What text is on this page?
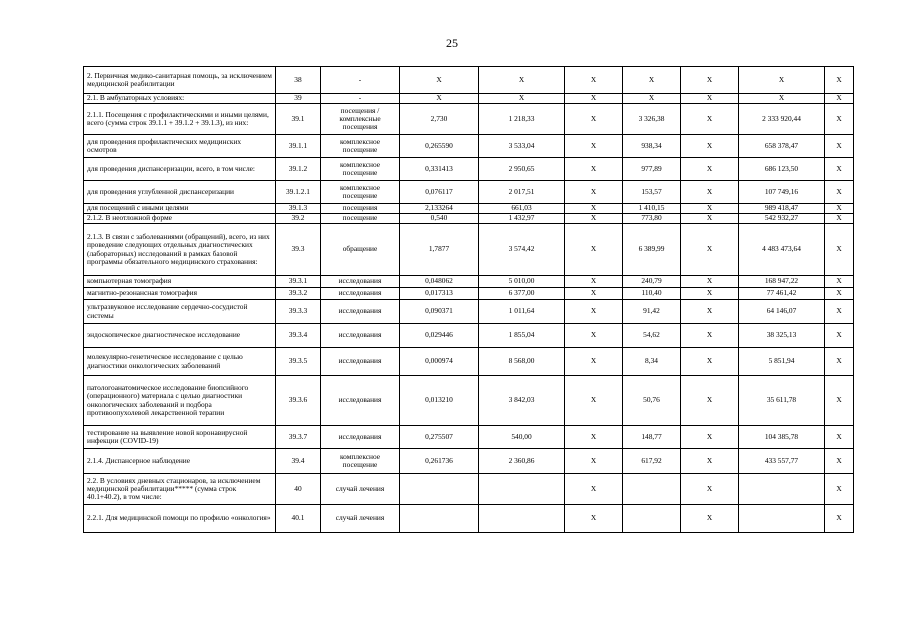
25
2. Первичная медико-санитарная помощь, за исключением медицинской реабилитации	38	-	X	X	X	X	X	X	X
2.1. В амбулаторных условиях:	39	-	X	X	X	X	X	X	X
2.1.1. Посещения с профилактическими и иными целями, всего (сумма строк 39.1.1 + 39.1.2 + 39.1.3), из них:	39.1	посещения / комплексные посещения	2,730	1 218,33	X	3 326,38	X	2 333 920,44	X
для проведения профилактических медицинских осмотров	39.1.1	комплексное посещение	0,265590	3 533,04	X	938,34	X	658 378,47	X
для проведения диспансеризации, всего, в том числе:	39.1.2	комплексное посещение	0,331413	2 950,65	X	977,89	X	686 123,50	X
для проведения углубленной диспансеризации	39.1.2.1	комплексное посещение	0,076117	2 017,51	X	153,57	X	107 749,16	X
для посещений с иными целями	39.1.3	посещения	2,133264	661,03	X	1 410,15	X	989 418,47	X
2.1.2. В неотложной форме	39.2	посещение	0,540	1 432,97	X	773,80	X	542 932,27	X
2.1.3. В связи с заболеваниями (обращений), всего, из них проведение следующих отдельных диагностических (лабораторных) исследований в рамках базовой программы обязательного медицинского страхования:	39.3	обращение	1,7877	3 574,42	X	6 389,99	X	4 483 473,64	X
компьютерная томография	39.3.1	исследования	0,048062	5 010,00	X	240,79	X	168 947,22	X
магнитно-резонансная томография	39.3.2	исследования	0,017313	6 377,00	X	110,40	X	77 461,42	X
ультразвуковое исследование сердечно-сосудистой системы	39.3.3	исследования	0,090371	1 011,64	X	91,42	X	64 146,07	X
эндоскопическое диагностическое исследование	39.3.4	исследования	0,029446	1 855,04	X	54,62	X	38 325,13	X
молекулярно-генетическое исследование с целью диагностики онкологических заболеваний	39.3.5	исследования	0,000974	8 568,00	X	8,34	X	5 851,94	X
патологоанатомическое исследование биопсийного (операционного) материала с целью диагностики онкологических заболеваний и подбора противоопухолевой лекарственной терапии	39.3.6	исследования	0,013210	3 842,03	X	50,76	X	35 611,78	X
тестирование на выявление новой коронавирусной инфекции (COVID-19)	39.3.7	исследования	0,275507	540,00	X	148,77	X	104 385,78	X
2.1.4. Диспансерное наблюдение	39.4	комплексное посещение	0,261736	2 360,86	X	617,92	X	433 557,77	X
2.2. В условиях дневных стационаров, за исключением медицинской реабилитации***** (сумма строк 40.1+40.2), в том числе:	40	случай лечения			X		X		X
2.2.1. Для медицинской помощи по профилю «онкология»	40.1	случай лечения			X		X		X
